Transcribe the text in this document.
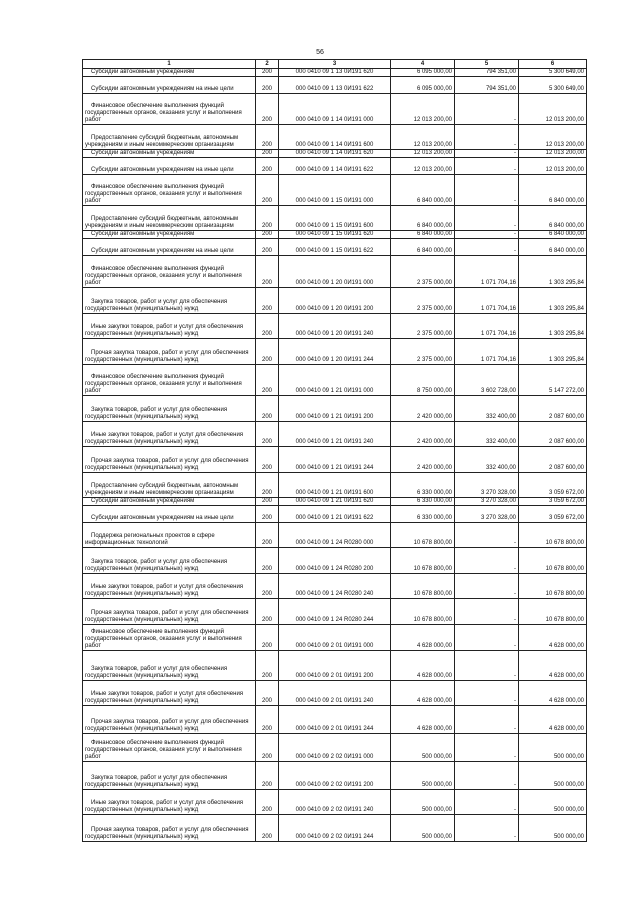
56
1	2	3	4	5	6

Субсидии автономным учреждениям	200	000 0410 09 1 13 0И191 620	6 095 000,00	794 351,00	5 300 649,00

Субсидии автономным учреждениям на иные цели	200	000 0410 09 1 13 0И191 622	6 095 000,00	794 351,00	5 300 649,00

Финансовое обеспечение выполнения функций государственных органов, оказания услуг и выполнения работ	200	000 0410 09 1 14 0И191 000	12 013 200,00	-	12 013 200,00

Предоставление субсидий бюджетным, автономным учреждениям и иным некоммерческим организациям	200	000 0410 09 1 14 0И191 600	12 013 200,00	-	12 013 200,00

Субсидии автономным учреждениям	200	000 0410 09 1 14 0И191 620	12 013 200,00	-	12 013 200,00

Субсидии автономным учреждениям на иные цели	200	000 0410 09 1 14 0И191 622	12 013 200,00	-	12 013 200,00

Финансовое обеспечение выполнения функций государственных органов, оказания услуг и выполнения работ	200	000 0410 09 1 15 0И191 000	6 840 000,00	-	6 840 000,00

Предоставление субсидий бюджетным, автономным учреждениям и иным некоммерческим организациям	200	000 0410 09 1 15 0И191 600	6 840 000,00	-	6 840 000,00

Субсидии автономным учреждениям	200	000 0410 09 1 15 0И191 620	6 840 000,00	-	6 840 000,00

Субсидии автономным учреждениям на иные цели	200	000 0410 09 1 15 0И191 622	6 840 000,00	-	6 840 000,00

Финансовое обеспечение выполнения функций государственных органов, оказания услуг и выполнения работ	200	000 0410 09 1 20 0И191 000	2 375 000,00	1 071 704,16	1 303 295,84

Закупка товаров, работ и услуг для обеспечения государственных (муниципальных) нужд	200	000 0410 09 1 20 0И191 200	2 375 000,00	1 071 704,16	1 303 295,84

Иные закупки товаров, работ и услуг для обеспечения государственных (муниципальных) нужд	200	000 0410 09 1 20 0И191 240	2 375 000,00	1 071 704,16	1 303 295,84

Прочая закупка товаров, работ и услуг для обеспечения государственных (муниципальных) нужд	200	000 0410 09 1 20 0И191 244	2 375 000,00	1 071 704,16	1 303 295,84

Финансовое обеспечение выполнения функций государственных органов, оказания услуг и выполнения работ	200	000 0410 09 1 21 0И191 000	8 750 000,00	3 602 728,00	5 147 272,00

Закупка товаров, работ и услуг для обеспечения государственных (муниципальных) нужд	200	000 0410 09 1 21 0И191 200	2 420 000,00	332 400,00	2 087 600,00

Иные закупки товаров, работ и услуг для обеспечения государственных (муниципальных) нужд	200	000 0410 09 1 21 0И191 240	2 420 000,00	332 400,00	2 087 600,00

Прочая закупка товаров, работ и услуг для обеспечения государственных (муниципальных) нужд	200	000 0410 09 1 21 0И191 244	2 420 000,00	332 400,00	2 087 600,00

Предоставление субсидий бюджетным, автономным учреждениям и иным некоммерческим организациям	200	000 0410 09 1 21 0И191 600	6 330 000,00	3 270 328,00	3 059 672,00

Субсидии автономным учреждениям	200	000 0410 09 1 21 0И191 620	6 330 000,00	3 270 328,00	3 059 672,00

Субсидии автономным учреждениям на иные цели	200	000 0410 09 1 21 0И191 622	6 330 000,00	3 270 328,00	3 059 672,00

Поддержка региональных проектов в сфере информационных технологий	200	000 0410 09 1 24 R0280 000	10 678 800,00	-	10 678 800,00

Закупка товаров, работ и услуг для обеспечения государственных (муниципальных) нужд	200	000 0410 09 1 24 R0280 200	10 678 800,00	-	10 678 800,00

Иные закупки товаров, работ и услуг для обеспечения государственных (муниципальных) нужд	200	000 0410 09 1 24 R0280 240	10 678 800,00	-	10 678 800,00

Прочая закупка товаров, работ и услуг для обеспечения государственных (муниципальных) нужд	200	000 0410 09 1 24 R0280 244	10 678 800,00	-	10 678 800,00

Финансовое обеспечение выполнения функций государственных органов, оказания услуг и выполнения работ	200	000 0410 09 2 01 0И191 000	4 628 000,00	-	4 628 000,00

Закупка товаров, работ и услуг для обеспечения государственных (муниципальных) нужд	200	000 0410 09 2 01 0И191 200	4 628 000,00	-	4 628 000,00

Иные закупки товаров, работ и услуг для обеспечения государственных (муниципальных) нужд	200	000 0410 09 2 01 0И191 240	4 628 000,00	-	4 628 000,00

Прочая закупка товаров, работ и услуг для обеспечения государственных (муниципальных) нужд	200	000 0410 09 2 01 0И191 244	4 628 000,00	-	4 628 000,00

Финансовое обеспечение выполнения функций государственных органов, оказания услуг и выполнения работ	200	000 0410 09 2 02 0И191 000	500 000,00	-	500 000,00

Закупка товаров, работ и услуг для обеспечения государственных (муниципальных) нужд	200	000 0410 09 2 02 0И191 200	500 000,00	-	500 000,00

Иные закупки товаров, работ и услуг для обеспечения государственных (муниципальных) нужд	200	000 0410 09 2 02 0И191 240	500 000,00	-	500 000,00

Прочая закупка товаров, работ и услуг для обеспечения государственных (муниципальных) нужд	200	000 0410 09 2 02 0И191 244	500 000,00	-	500 000,00
